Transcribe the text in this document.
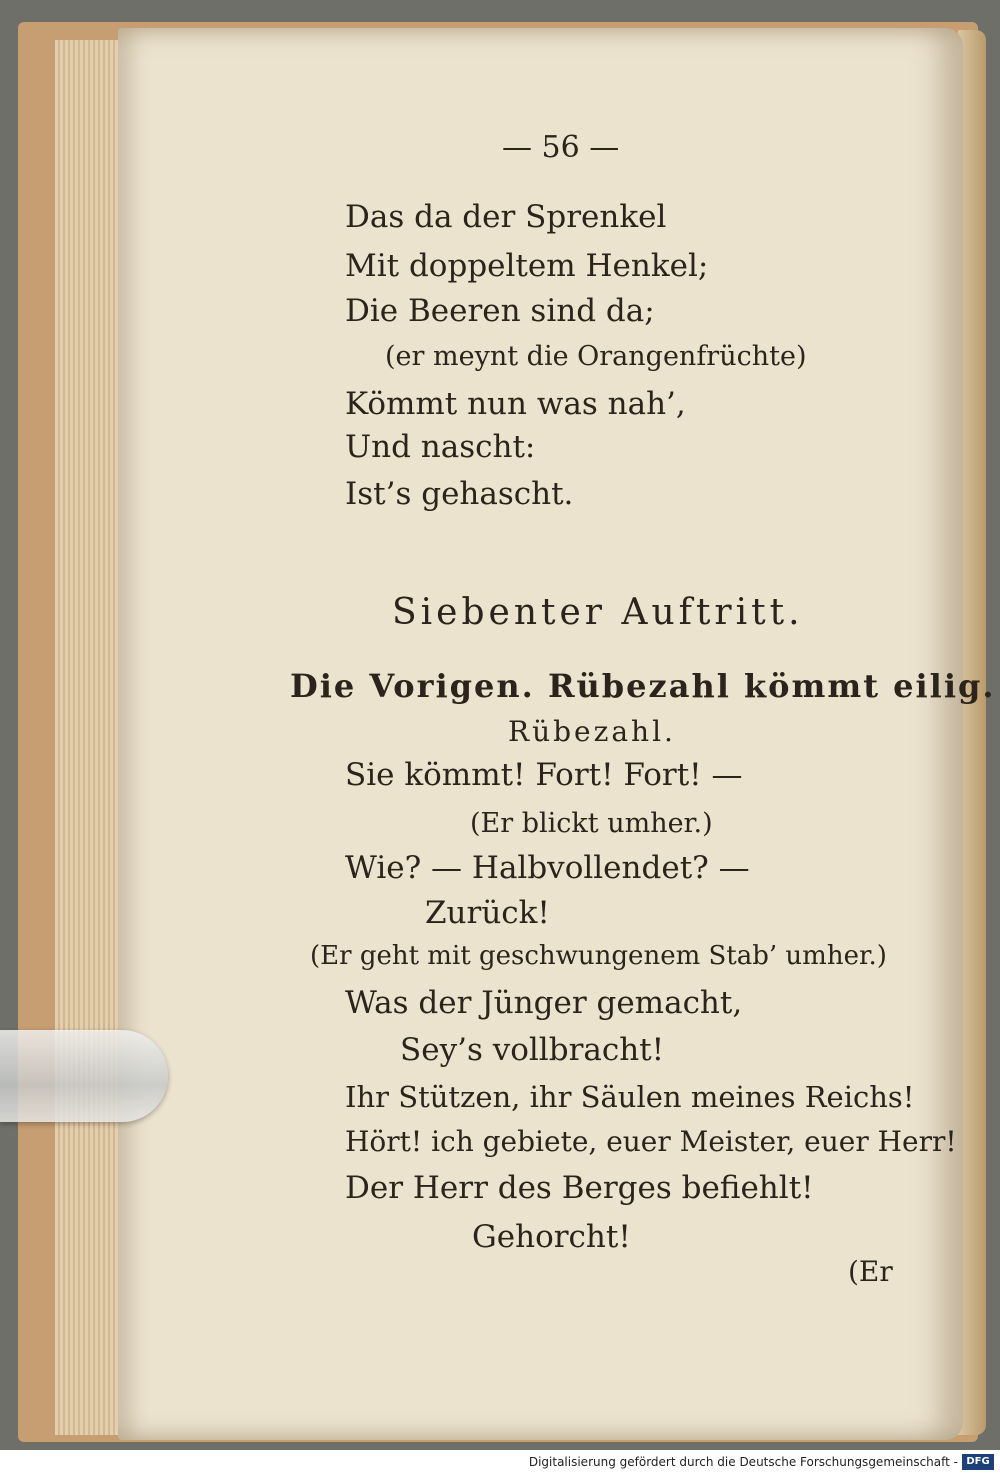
— 56 —
Das da der Sprenkel
Mit doppeltem Henkel;
Die Beeren sind da;
(er meynt die Orangenfrüchte)
Kömmt nun was nah’,
Und nascht:
Ist’s gehascht.
Siebenter Auftritt.
Die Vorigen. Rübezahl kömmt eilig.
Rübezahl.
Sie kömmt! Fort! Fort! —
(Er blickt umher.)
Wie? — Halbvollendet? —
Zurück!
(Er geht mit geschwungenem Stab’ umher.)
Was der Jünger gemacht,
Sey’s vollbracht!
Ihr Stützen, ihr Säulen meines Reichs!
Hört! ich gebiete, euer Meister, euer Herr!
Der Herr des Berges befiehlt!
Gehorcht!
(Er
Digitalisierung gefördert durch die Deutsche Forschungsgemeinschaft - DFG
